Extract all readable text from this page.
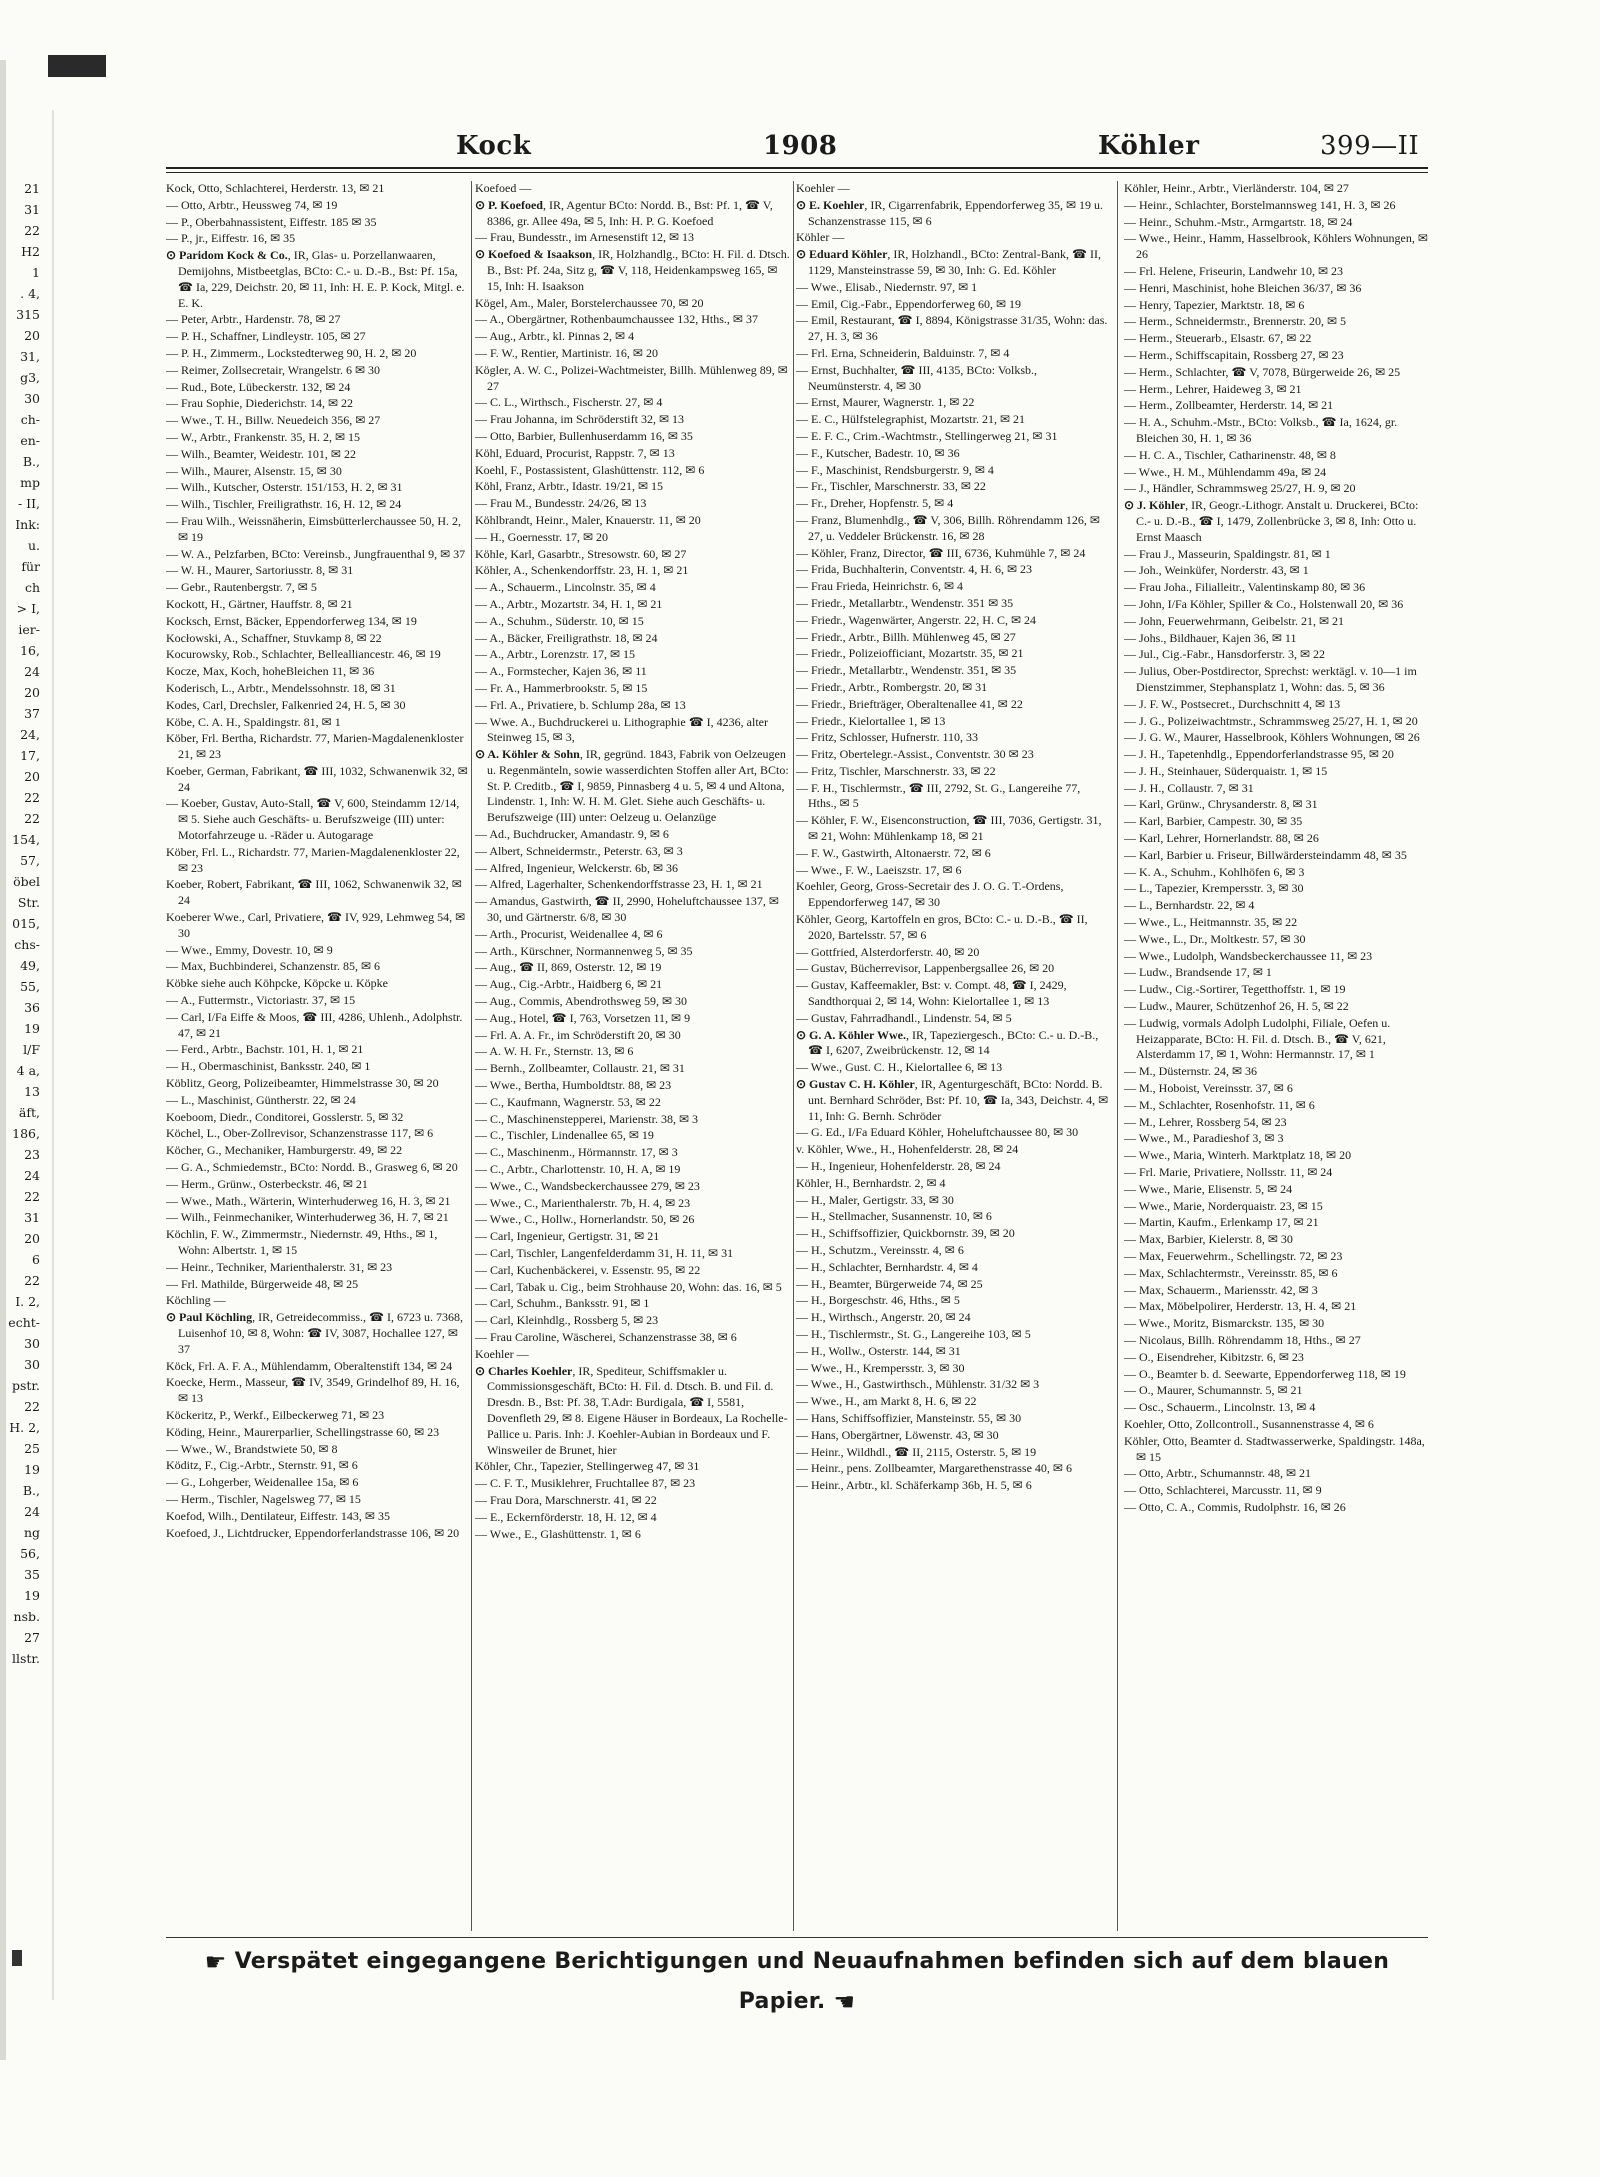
21
31
22
H2
1
. 4,
315
20
31,
g3,
30
ch-
en-
B.,
mp
- II,
Ink:
u.
für
ch
> I,
ier-
16,
24
20
37
24,
17,
20
22
22
154,
57,
öbel
Str.
015,
chs-
49,
55,
36
19
l/F
4 a,
13
äft,
186,
23
24
22
31
20
6
22
I. 2,
echt-
30
30
pstr.
22
H. 2,
25
19
B.,
24
ng
56,
35
19
nsb.
27
llstr.
Kock	1908	Köhler	399—II
Kock, Otto, Schlachterei, Herderstr. 13, ✉ 21
— Otto, Arbtr., Heussweg 74, ✉ 19
— P., Oberbahnassistent, Eiffestr. 185 ✉ 35
— P., jr., Eiffestr. 16, ✉ 35
⊙ Paridom Kock & Co., IR, Glas- u. Porzellanwaaren, Demijohns, Mistbeetglas, BCto: C.- u. D.-B., Bst: Pf. 15a, ☎ Ia, 229, Deichstr. 20, ✉ 11, Inh: H. E. P. Kock, Mitgl. e. E. K.
— Peter, Arbtr., Hardenstr. 78, ✉ 27
— P. H., Schaffner, Lindleystr. 105, ✉ 27
— P. H., Zimmerm., Lockstedterweg 90, H. 2, ✉ 20
— Reimer, Zollsecretair, Wrangelstr. 6 ✉ 30
— Rud., Bote, Lübeckerstr. 132, ✉ 24
— Frau Sophie, Diederichstr. 14, ✉ 22
— Wwe., T. H., Billw. Neuedeich 356, ✉ 27
— W., Arbtr., Frankenstr. 35, H. 2, ✉ 15
— Wilh., Beamter, Weidestr. 101, ✉ 22
— Wilh., Maurer, Alsenstr. 15, ✉ 30
— Wilh., Kutscher, Osterstr. 151/153, H. 2, ✉ 31
— Wilh., Tischler, Freiligrathstr. 16, H. 12, ✉ 24
— Frau Wilh., Weissnäherin, Eimsbütterlerchaussee 50, H. 2, ✉ 19
— W. A., Pelzfarben, BCto: Vereinsb., Jungfrauenthal 9, ✉ 37
— W. H., Maurer, Sartoriusstr. 8, ✉ 31
— Gebr., Rautenbergstr. 7, ✉ 5
Kockott, H., Gärtner, Hauffstr. 8, ✉ 21
Kocksch, Ernst, Bäcker, Eppendorferweg 134, ✉ 19
Kocłowski, A., Schaffner, Stuvkamp 8, ✉ 22
Kocurowsky, Rob., Schlachter, Bellealliancestr. 46, ✉ 19
Kocze, Max, Koch, hoheBleichen 11, ✉ 36
Koderisch, L., Arbtr., Mendelssohnstr. 18, ✉ 31
Kodes, Carl, Drechsler, Falkenried 24, H. 5, ✉ 30
Köbe, C. A. H., Spaldingstr. 81, ✉ 1
Köber, Frl. Bertha, Richardstr. 77, Marien-Magdalenenkloster 21, ✉ 23
Koeber, German, Fabrikant, ☎ III, 1032, Schwanenwik 32, ✉ 24
— Koeber, Gustav, Auto-Stall, ☎ V, 600, Steindamm 12/14, ✉ 5. Siehe auch Geschäfts- u. Berufszweige (III) unter: Motorfahrzeuge u. -Räder u. Autogarage
Köber, Frl. L., Richardstr. 77, Marien-Magdalenenkloster 22, ✉ 23
Koeber, Robert, Fabrikant, ☎ III, 1062, Schwanenwik 32, ✉ 24
Koeberer Wwe., Carl, Privatiere, ☎ IV, 929, Lehmweg 54, ✉ 30
— Wwe., Emmy, Dovestr. 10, ✉ 9
— Max, Buchbinderei, Schanzenstr. 85, ✉ 6
Köbke siehe auch Köhpcke, Köpcke u. Köpke
— A., Futtermstr., Victoriastr. 37, ✉ 15
— Carl, I/Fa Eiffe & Moos, ☎ III, 4286, Uhlenh., Adolphstr. 47, ✉ 21
— Ferd., Arbtr., Bachstr. 101, H. 1, ✉ 21
— H., Obermaschinist, Banksstr. 240, ✉ 1
Köblitz, Georg, Polizeibeamter, Himmelstrasse 30, ✉ 20
— L., Maschinist, Güntherstr. 22, ✉ 24
Koeboom, Diedr., Conditorei, Gosslerstr. 5, ✉ 32
Köchel, L., Ober-Zollrevisor, Schanzenstrasse 117, ✉ 6
Köcher, G., Mechaniker, Hamburgerstr. 49, ✉ 22
— G. A., Schmiedemstr., BCto: Nordd. B., Grasweg 6, ✉ 20
— Herm., Grünw., Osterbeckstr. 46, ✉ 21
— Wwe., Math., Wärterin, Winterhuderweg 16, H. 3, ✉ 21
— Wilh., Feinmechaniker, Winterhuderweg 36, H. 7, ✉ 21
Köchlin, F. W., Zimmermstr., Niedernstr. 49, Hths., ✉ 1, Wohn: Albertstr. 1, ✉ 15
— Heinr., Techniker, Marienthalerstr. 31, ✉ 23
— Frl. Mathilde, Bürgerweide 48, ✉ 25
Köchling —
⊙ Paul Köchling, IR, Getreidecommiss., ☎ I, 6723 u. 7368, Luisenhof 10, ✉ 8, Wohn: ☎ IV, 3087, Hochallee 127, ✉ 37
Köck, Frl. A. F. A., Mühlendamm, Oberaltenstift 134, ✉ 24
Koecke, Herm., Masseur, ☎ IV, 3549, Grindelhof 89, H. 16, ✉ 13
Köckeritz, P., Werkf., Eilbeckerweg 71, ✉ 23
Köding, Heinr., Maurerparlier, Schellingstrasse 60, ✉ 23
— Wwe., W., Brandstwiete 50, ✉ 8
Köditz, F., Cig.-Arbtr., Sternstr. 91, ✉ 6
— G., Lohgerber, Weidenallee 15a, ✉ 6
— Herm., Tischler, Nagelsweg 77, ✉ 15
Koefod, Wilh., Dentilateur, Eiffestr. 143, ✉ 35
Koefoed, J., Lichtdrucker, Eppendorferlandstrasse 106, ✉ 20
Koefoed —
⊙ P. Koefoed, IR, Agentur BCto: Nordd. B., Bst: Pf. 1, ☎ V, 8386, gr. Allee 49a, ✉ 5, Inh: H. P. G. Koefoed
— Frau, Bundesstr., im Arnesenstift 12, ✉ 13
⊙ Koefoed & Isaakson, IR, Holzhandlg., BCto: H. Fil. d. Dtsch. B., Bst: Pf. 24a, Sitz g, ☎ V, 118, Heidenkampsweg 165, ✉ 15, Inh: H. Isaakson
Kögel, Am., Maler, Borstelerchaussee 70, ✉ 20
— A., Obergärtner, Rothenbaumchaussee 132, Hths., ✉ 37
— Aug., Arbtr., kl. Pinnas 2, ✉ 4
— F. W., Rentier, Martinistr. 16, ✉ 20
Kögler, A. W. C., Polizei-Wachtmeister, Billh. Mühlenweg 89, ✉ 27
— C. L., Wirthsch., Fischerstr. 27, ✉ 4
— Frau Johanna, im Schröderstift 32, ✉ 13
— Otto, Barbier, Bullenhuserdamm 16, ✉ 35
Köhl, Eduard, Procurist, Rappstr. 7, ✉ 13
Koehl, F., Postassistent, Glashüttenstr. 112, ✉ 6
Köhl, Franz, Arbtr., Idastr. 19/21, ✉ 15
— Frau M., Bundesstr. 24/26, ✉ 13
Köhlbrandt, Heinr., Maler, Knauerstr. 11, ✉ 20
— H., Goernesstr. 17, ✉ 20
Köhle, Karl, Gasarbtr., Stresowstr. 60, ✉ 27
Köhler, A., Schenkendorffstr. 23, H. 1, ✉ 21
— A., Schauerm., Lincolnstr. 35, ✉ 4
— A., Arbtr., Mozartstr. 34, H. 1, ✉ 21
— A., Schuhm., Süderstr. 10, ✉ 15
— A., Bäcker, Freiligrathstr. 18, ✉ 24
— A., Arbtr., Lorenzstr. 17, ✉ 15
— A., Formstecher, Kajen 36, ✉ 11
— Fr. A., Hammerbrookstr. 5, ✉ 15
— Frl. A., Privatiere, b. Schlump 28a, ✉ 13
— Wwe. A., Buchdruckerei u. Lithographie ☎ I, 4236, alter Steinweg 15, ✉ 3,
⊙ A. Köhler & Sohn, IR, gegründ. 1843, Fabrik von Oelzeugen u. Regenmänteln, sowie wasserdichten Stoffen aller Art, BCto: St. P. Creditb., ☎ I, 9859, Pinnasberg 4 u. 5, ✉ 4 und Altona, Lindenstr. 1, Inh: W. H. M. Glet. Siehe auch Geschäfts- u. Berufszweige (III) unter: Oelzeug u. Oelanzüge
— Ad., Buchdrucker, Amandastr. 9, ✉ 6
— Albert, Schneidermstr., Peterstr. 63, ✉ 3
— Alfred, Ingenieur, Welckerstr. 6b, ✉ 36
— Alfred, Lagerhalter, Schenkendorffstrasse 23, H. 1, ✉ 21
— Amandus, Gastwirth, ☎ II, 2990, Hoheluftchaussee 137, ✉ 30, und Gärtnerstr. 6/8, ✉ 30
— Arth., Procurist, Weidenallee 4, ✉ 6
— Arth., Kürschner, Normannenweg 5, ✉ 35
— Aug., ☎ II, 869, Osterstr. 12, ✉ 19
— Aug., Cig.-Arbtr., Haidberg 6, ✉ 21
— Aug., Commis, Abendrothsweg 59, ✉ 30
— Aug., Hotel, ☎ I, 763, Vorsetzen 11, ✉ 9
— Frl. A. A. Fr., im Schröderstift 20, ✉ 30
— A. W. H. Fr., Sternstr. 13, ✉ 6
— Bernh., Zollbeamter, Collaustr. 21, ✉ 31
— Wwe., Bertha, Humboldtstr. 88, ✉ 23
— C., Kaufmann, Wagnerstr. 53, ✉ 22
— C., Maschinenstepperei, Marienstr. 38, ✉ 3
— C., Tischler, Lindenallee 65, ✉ 19
— C., Maschinenm., Hörmannstr. 17, ✉ 3
— C., Arbtr., Charlottenstr. 10, H. A, ✉ 19
— Wwe., C., Wandsbeckerchaussee 279, ✉ 23
— Wwe., C., Marienthalerstr. 7b, H. 4, ✉ 23
— Wwe., C., Hollw., Hornerlandstr. 50, ✉ 26
— Carl, Ingenieur, Gertigstr. 31, ✉ 21
— Carl, Tischler, Langenfelderdamm 31, H. 11, ✉ 31
— Carl, Kuchenbäckerei, v. Essenstr. 95, ✉ 22
— Carl, Tabak u. Cig., beim Strohhause 20, Wohn: das. 16, ✉ 5
— Carl, Schuhm., Banksstr. 91, ✉ 1
— Carl, Kleinhdlg., Rossberg 5, ✉ 23
— Frau Caroline, Wäscherei, Schanzenstrasse 38, ✉ 6
Koehler —
⊙ Charles Koehler, IR, Spediteur, Schiffsmakler u. Commissionsgeschäft, BCto: H. Fil. d. Dtsch. B. und Fil. d. Dresdn. B., Bst: Pf. 38, T.Adr: Burdigala, ☎ I, 5581, Dovenfleth 29, ✉ 8. Eigene Häuser in Bordeaux, La Rochelle-Pallice u. Paris. Inh: J. Koehler-Aubian in Bordeaux und F. Winsweiler de Brunet, hier
Köhler, Chr., Tapezier, Stellingerweg 47, ✉ 31
— C. F. T., Musiklehrer, Fruchtallee 87, ✉ 23
— Frau Dora, Marschnerstr. 41, ✉ 22
— E., Eckernförderstr. 18, H. 12, ✉ 4
— Wwe., E., Glashüttenstr. 1, ✉ 6
Koehler —
⊙ E. Koehler, IR, Cigarrenfabrik, Eppendorferweg 35, ✉ 19 u. Schanzenstrasse 115, ✉ 6
Köhler —
⊙ Eduard Köhler, IR, Holzhandl., BCto: Zentral-Bank, ☎ II, 1129, Mansteinstrasse 59, ✉ 30, Inh: G. Ed. Köhler
— Wwe., Elisab., Niedernstr. 97, ✉ 1
— Emil, Cig.-Fabr., Eppendorferweg 60, ✉ 19
— Emil, Restaurant, ☎ I, 8894, Königstrasse 31/35, Wohn: das. 27, H. 3, ✉ 36
— Frl. Erna, Schneiderin, Balduinstr. 7, ✉ 4
— Ernst, Buchhalter, ☎ III, 4135, BCto: Volksb., Neumünsterstr. 4, ✉ 30
— Ernst, Maurer, Wagnerstr. 1, ✉ 22
— E. C., Hülfstelegraphist, Mozartstr. 21, ✉ 21
— E. F. C., Crim.-Wachtmstr., Stellingerweg 21, ✉ 31
— F., Kutscher, Badestr. 10, ✉ 36
— F., Maschinist, Rendsburgerstr. 9, ✉ 4
— Fr., Tischler, Marschnerstr. 33, ✉ 22
— Fr., Dreher, Hopfenstr. 5, ✉ 4
— Franz, Blumenhdlg., ☎ V, 306, Billh. Röhrendamm 126, ✉ 27, u. Veddeler Brückenstr. 16, ✉ 28
— Köhler, Franz, Director, ☎ III, 6736, Kuhmühle 7, ✉ 24
— Frida, Buchhalterin, Conventstr. 4, H. 6, ✉ 23
— Frau Frieda, Heinrichstr. 6, ✉ 4
— Friedr., Metallarbtr., Wendenstr. 351 ✉ 35
— Friedr., Wagenwärter, Angerstr. 22, H. C, ✉ 24
— Friedr., Arbtr., Billh. Mühlenweg 45, ✉ 27
— Friedr., Polizeiofficiant, Mozartstr. 35, ✉ 21
— Friedr., Metallarbtr., Wendenstr. 351, ✉ 35
— Friedr., Arbtr., Rombergstr. 20, ✉ 31
— Friedr., Briefträger, Oberaltenallee 41, ✉ 22
— Friedr., Kielortallee 1, ✉ 13
— Fritz, Schlosser, Hufnerstr. 110, 33
— Fritz, Obertelegr.-Assist., Conventstr. 30 ✉ 23
— Fritz, Tischler, Marschnerstr. 33, ✉ 22
— F. H., Tischlermstr., ☎ III, 2792, St. G., Langereihe 77, Hths., ✉ 5
— Köhler, F. W., Eisenconstruction, ☎ III, 7036, Gertigstr. 31, ✉ 21, Wohn: Mühlenkamp 18, ✉ 21
— F. W., Gastwirth, Altonaerstr. 72, ✉ 6
— Wwe., F. W., Laeiszstr. 17, ✉ 6
Koehler, Georg, Gross-Secretair des J. O. G. T.-Ordens, Eppendorferweg 147, ✉ 30
Köhler, Georg, Kartoffeln en gros, BCto: C.- u. D.-B., ☎ II, 2020, Bartelsstr. 57, ✉ 6
— Gottfried, Alsterdorferstr. 40, ✉ 20
— Gustav, Bücherrevisor, Lappenbergsallee 26, ✉ 20
— Gustav, Kaffeemakler, Bst: v. Compt. 48, ☎ I, 2429, Sandthorquai 2, ✉ 14, Wohn: Kielortallee 1, ✉ 13
— Gustav, Fahrradhandl., Lindenstr. 54, ✉ 5
⊙ G. A. Köhler Wwe., IR, Tapeziergesch., BCto: C.- u. D.-B., ☎ I, 6207, Zweibrückenstr. 12, ✉ 14
— Wwe., Gust. C. H., Kielortallee 6, ✉ 13
⊙ Gustav C. H. Köhler, IR, Agenturgeschäft, BCto: Nordd. B. unt. Bernhard Schröder, Bst: Pf. 10, ☎ Ia, 343, Deichstr. 4, ✉ 11, Inh: G. Bernh. Schröder
— G. Ed., I/Fa Eduard Köhler, Hoheluftchaussee 80, ✉ 30
v. Köhler, Wwe., H., Hohenfelderstr. 28, ✉ 24
— H., Ingenieur, Hohenfelderstr. 28, ✉ 24
Köhler, H., Bernhardstr. 2, ✉ 4
— H., Maler, Gertigstr. 33, ✉ 30
— H., Stellmacher, Susannenstr. 10, ✉ 6
— H., Schiffsoffizier, Quickbornstr. 39, ✉ 20
— H., Schutzm., Vereinsstr. 4, ✉ 6
— H., Schlachter, Bernhardstr. 4, ✉ 4
— H., Beamter, Bürgerweide 74, ✉ 25
— H., Borgeschstr. 46, Hths., ✉ 5
— H., Wirthsch., Angerstr. 20, ✉ 24
— H., Tischlermstr., St. G., Langereihe 103, ✉ 5
— H., Wollw., Osterstr. 144, ✉ 31
— Wwe., H., Krempersstr. 3, ✉ 30
— Wwe., H., Gastwirthsch., Mühlenstr. 31/32 ✉ 3
— Wwe., H., am Markt 8, H. 6, ✉ 22
— Hans, Schiffsoffizier, Mansteinstr. 55, ✉ 30
— Hans, Obergärtner, Löwenstr. 43, ✉ 30
— Heinr., Wildhdl., ☎ II, 2115, Osterstr. 5, ✉ 19
— Heinr., pens. Zollbeamter, Margarethenstrasse 40, ✉ 6
— Heinr., Arbtr., kl. Schäferkamp 36b, H. 5, ✉ 6
Köhler, Heinr., Arbtr., Vierländerstr. 104, ✉ 27
— Heinr., Schlachter, Borstelmannsweg 141, H. 3, ✉ 26
— Heinr., Schuhm.-Mstr., Armgartstr. 18, ✉ 24
— Wwe., Heinr., Hamm, Hasselbrook, Köhlers Wohnungen, ✉ 26
— Frl. Helene, Friseurin, Landwehr 10, ✉ 23
— Henri, Maschinist, hohe Bleichen 36/37, ✉ 36
— Henry, Tapezier, Marktstr. 18, ✉ 6
— Herm., Schneidermstr., Brennerstr. 20, ✉ 5
— Herm., Steuerarb., Elsastr. 67, ✉ 22
— Herm., Schiffscapitain, Rossberg 27, ✉ 23
— Herm., Schlachter, ☎ V, 7078, Bürgerweide 26, ✉ 25
— Herm., Lehrer, Haideweg 3, ✉ 21
— Herm., Zollbeamter, Herderstr. 14, ✉ 21
— H. A., Schuhm.-Mstr., BCto: Volksb., ☎ Ia, 1624, gr. Bleichen 30, H. 1, ✉ 36
— H. C. A., Tischler, Catharinenstr. 48, ✉ 8
— Wwe., H. M., Mühlendamm 49a, ✉ 24
— J., Händler, Schrammsweg 25/27, H. 9, ✉ 20
⊙ J. Köhler, IR, Geogr.-Lithogr. Anstalt u. Druckerei, BCto: C.- u. D.-B., ☎ I, 1479, Zollenbrücke 3, ✉ 8, Inh: Otto u. Ernst Maasch
— Frau J., Masseurin, Spaldingstr. 81, ✉ 1
— Joh., Weinküfer, Norderstr. 43, ✉ 1
— Frau Joha., Filialleitr., Valentinskamp 80, ✉ 36
— John, I/Fa Köhler, Spiller & Co., Holstenwall 20, ✉ 36
— John, Feuerwehrmann, Geibelstr. 21, ✉ 21
— Johs., Bildhauer, Kajen 36, ✉ 11
— Jul., Cig.-Fabr., Hansdorferstr. 3, ✉ 22
— Julius, Ober-Postdirector, Sprechst: werktägl. v. 10—1 im Dienstzimmer, Stephansplatz 1, Wohn: das. 5, ✉ 36
— J. F. W., Postsecret., Durchschnitt 4, ✉ 13
— J. G., Polizeiwachtmstr., Schrammsweg 25/27, H. 1, ✉ 20
— J. G. W., Maurer, Hasselbrook, Köhlers Wohnungen, ✉ 26
— J. H., Tapetenhdlg., Eppendorferlandstrasse 95, ✉ 20
— J. H., Steinhauer, Süderquaistr. 1, ✉ 15
— J. H., Collaustr. 7, ✉ 31
— Karl, Grünw., Chrysanderstr. 8, ✉ 31
— Karl, Barbier, Campestr. 30, ✉ 35
— Karl, Lehrer, Hornerlandstr. 88, ✉ 26
— Karl, Barbier u. Friseur, Billwärdersteindamm 48, ✉ 35
— K. A., Schuhm., Kohlhöfen 6, ✉ 3
— L., Tapezier, Krempersstr. 3, ✉ 30
— L., Bernhardstr. 22, ✉ 4
— Wwe., L., Heitmannstr. 35, ✉ 22
— Wwe., L., Dr., Moltkestr. 57, ✉ 30
— Wwe., Ludolph, Wandsbeckerchaussee 11, ✉ 23
— Ludw., Brandsende 17, ✉ 1
— Ludw., Cig.-Sortirer, Tegetthoffstr. 1, ✉ 19
— Ludw., Maurer, Schützenhof 26, H. 5, ✉ 22
— Ludwig, vormals Adolph Ludolphi, Filiale, Oefen u. Heizapparate, BCto: H. Fil. d. Dtsch. B., ☎ V, 621, Alsterdamm 17, ✉ 1, Wohn: Hermannstr. 17, ✉ 1
— M., Düsternstr. 24, ✉ 36
— M., Hoboist, Vereinsstr. 37, ✉ 6
— M., Schlachter, Rosenhofstr. 11, ✉ 6
— M., Lehrer, Rossberg 54, ✉ 23
— Wwe., M., Paradieshof 3, ✉ 3
— Wwe., Maria, Winterh. Marktplatz 18, ✉ 20
— Frl. Marie, Privatiere, Nollsstr. 11, ✉ 24
— Wwe., Marie, Elisenstr. 5, ✉ 24
— Wwe., Marie, Norderquaistr. 23, ✉ 15
— Martin, Kaufm., Erlenkamp 17, ✉ 21
— Max, Barbier, Kielerstr. 8, ✉ 30
— Max, Feuerwehrm., Schellingstr. 72, ✉ 23
— Max, Schlachtermstr., Vereinsstr. 85, ✉ 6
— Max, Schauerm., Mariensstr. 42, ✉ 3
— Max, Möbelpolirer, Herderstr. 13, H. 4, ✉ 21
— Wwe., Moritz, Bismarckstr. 135, ✉ 30
— Nicolaus, Billh. Röhrendamm 18, Hths., ✉ 27
— O., Eisendreher, Kibitzstr. 6, ✉ 23
— O., Beamter b. d. Seewarte, Eppendorferweg 118, ✉ 19
— O., Maurer, Schumannstr. 5, ✉ 21
— Osc., Schauerm., Lincolnstr. 13, ✉ 4
Koehler, Otto, Zollcontroll., Susannenstrasse 4, ✉ 6
Köhler, Otto, Beamter d. Stadtwasserwerke, Spaldingstr. 148a, ✉ 15
— Otto, Arbtr., Schumannstr. 48, ✉ 21
— Otto, Schlachterei, Marcusstr. 11, ✉ 9
— Otto, C. A., Commis, Rudolphstr. 16, ✉ 26
☛ Verspätet eingegangene Berichtigungen und Neuaufnahmen befinden sich auf dem blauen Papier. ☚
